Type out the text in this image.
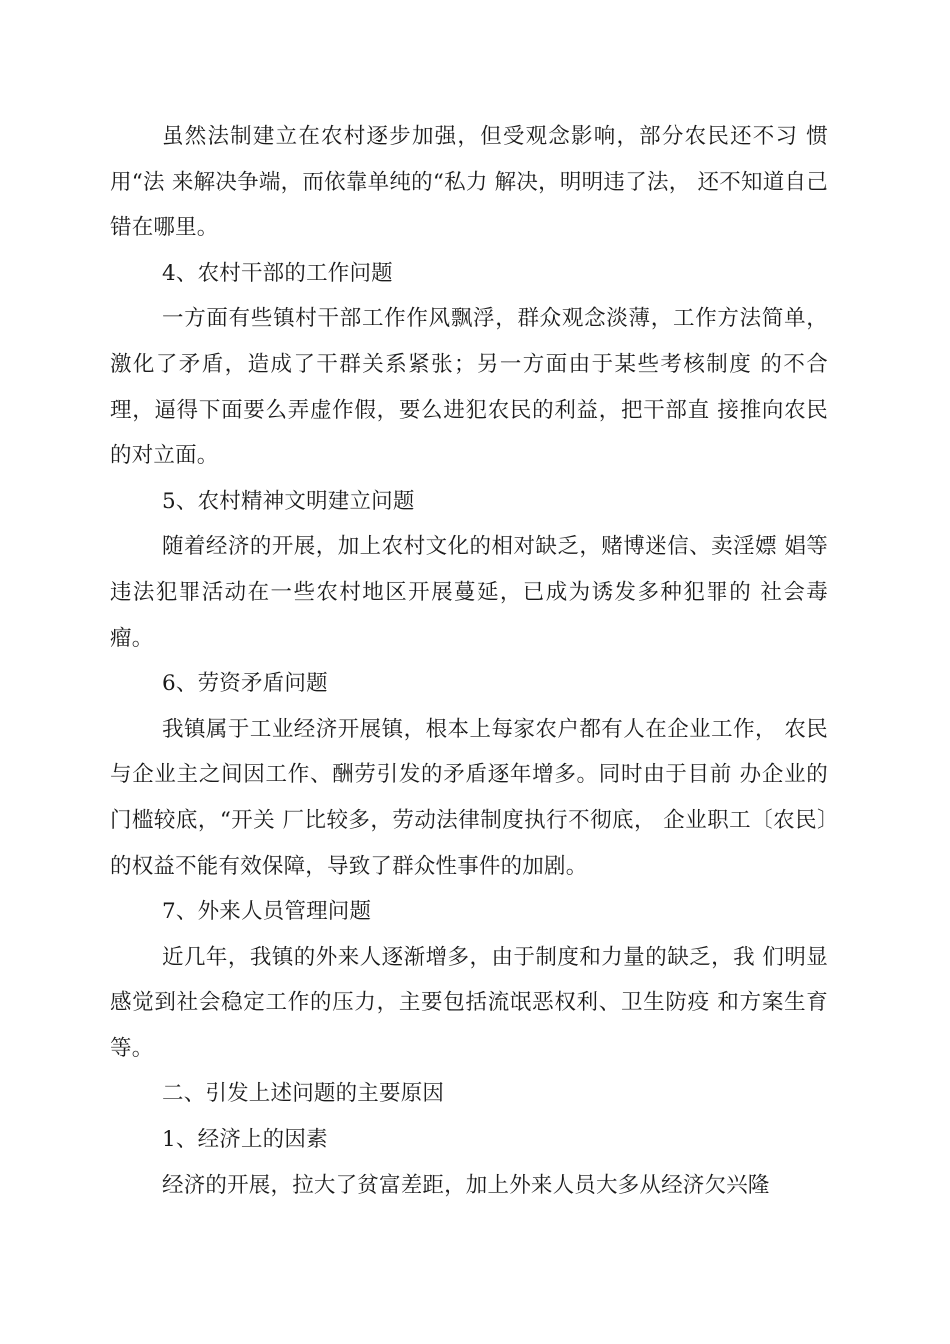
虽然法制建立在农村逐步加强，但受观念影响，部分农民还不习 惯用“法 来解决争端，而依靠单纯的“私力 解决，明明违了法， 还不知道自己错在哪里。

4、农村干部的工作问题

一方面有些镇村干部工作作风飘浮，群众观念淡薄，工作方法简单，激化了矛盾，造成了干群关系紧张；另一方面由于某些考核制度 的不合理，逼得下面要么弄虚作假，要么进犯农民的利益，把干部直 接推向农民的对立面。

5、农村精神文明建立问题

随着经济的开展，加上农村文化的相对缺乏，赌博迷信、卖淫嫖 娼等违法犯罪活动在一些农村地区开展蔓延，已成为诱发多种犯罪的 社会毒瘤。

6、劳资矛盾问题

我镇属于工业经济开展镇，根本上每家农户都有人在企业工作， 农民与企业主之间因工作、酬劳引发的矛盾逐年增多。同时由于目前 办企业的门槛较底，“开关 厂比较多，劳动法律制度执行不彻底， 企业职工〔农民〕的权益不能有效保障，导致了群众性事件的加剧。

7、外来人员管理问题

近几年，我镇的外来人逐渐增多，由于制度和力量的缺乏，我 们明显感觉到社会稳定工作的压力，主要包括流氓恶权利、卫生防疫 和方案生育等。

二、引发上述问题的主要原因

1、经济上的因素

经济的开展，拉大了贫富差距，加上外来人员大多从经济欠兴隆
